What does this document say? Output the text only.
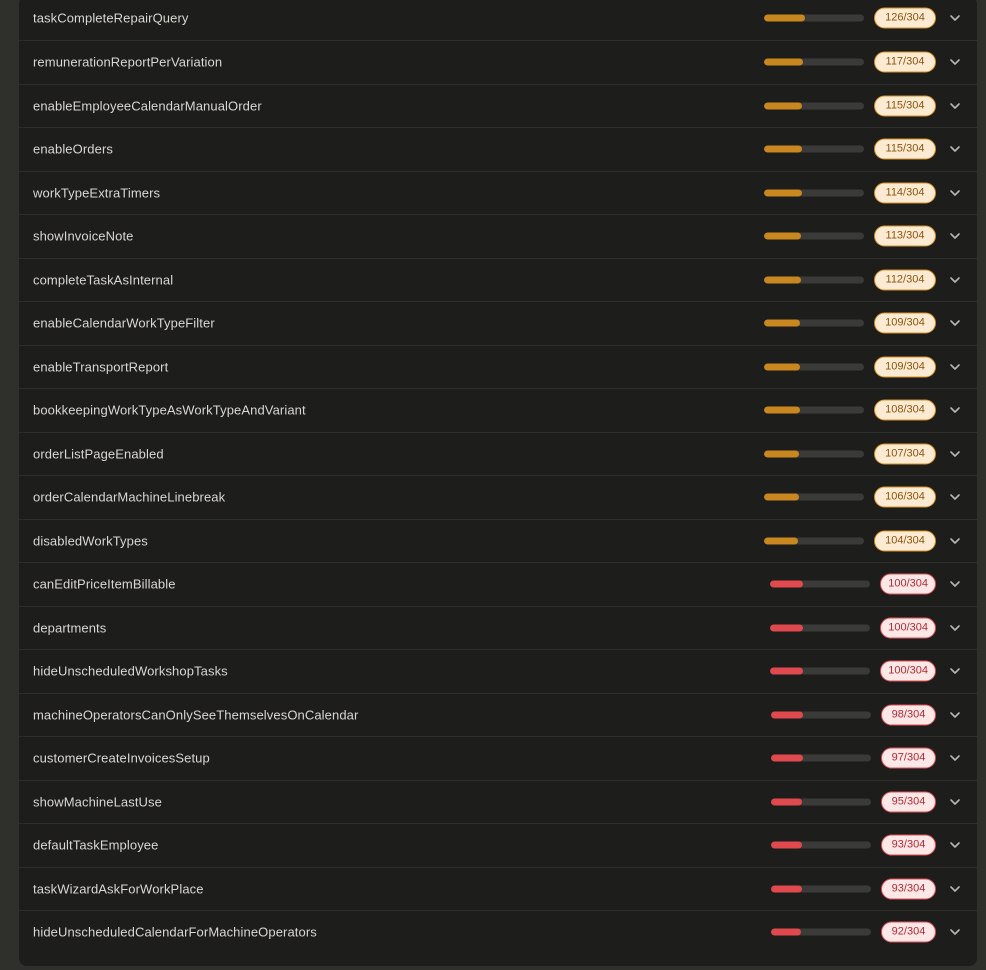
taskCompleteRepairQuery	126/304
remunerationReportPerVariation	117/304
enableEmployeeCalendarManualOrder	115/304
enableOrders	115/304
workTypeExtraTimers	114/304
showInvoiceNote	113/304
completeTaskAsInternal	112/304
enableCalendarWorkTypeFilter	109/304
enableTransportReport	109/304
bookkeepingWorkTypeAsWorkTypeAndVariant	108/304
orderListPageEnabled	107/304
orderCalendarMachineLinebreak	106/304
disabledWorkTypes	104/304
canEditPriceItemBillable	100/304
departments	100/304
hideUnscheduledWorkshopTasks	100/304
machineOperatorsCanOnlySeeThemselvesOnCalendar	98/304
customerCreateInvoicesSetup	97/304
showMachineLastUse	95/304
defaultTaskEmployee	93/304
taskWizardAskForWorkPlace	93/304
hideUnscheduledCalendarForMachineOperators	92/304
